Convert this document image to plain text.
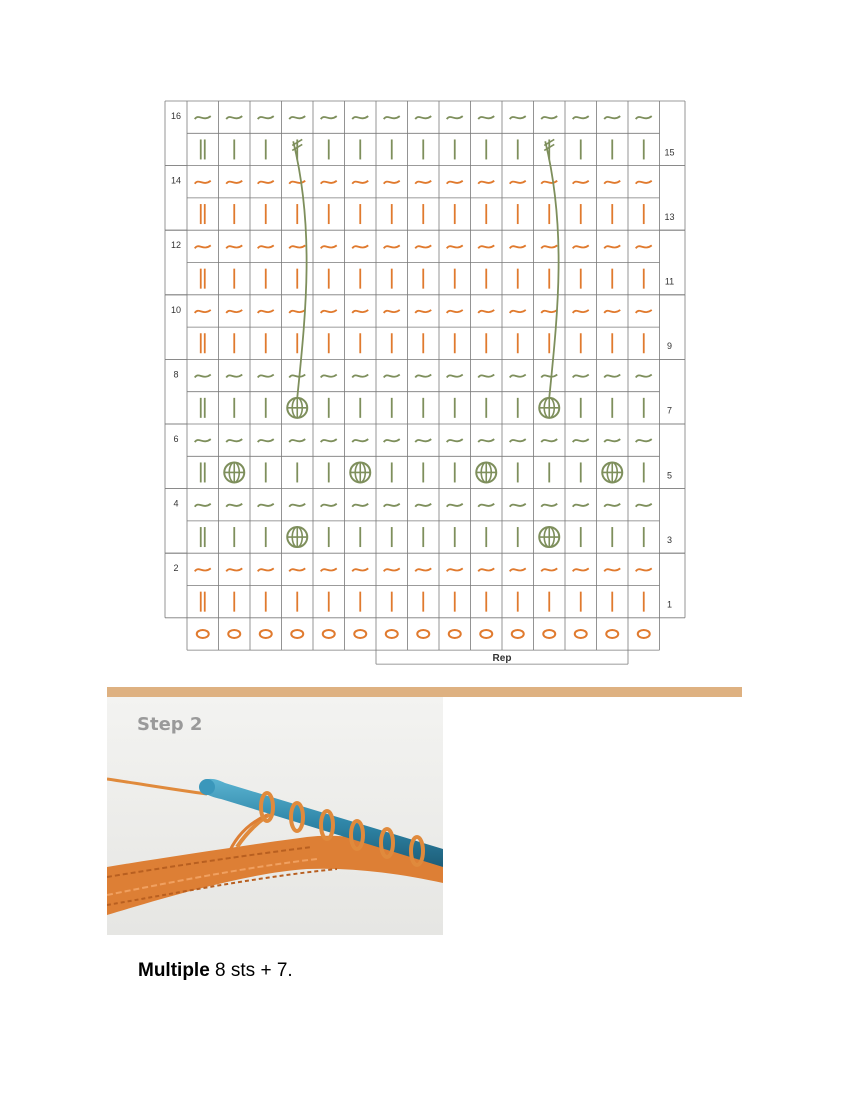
16
15
14
13
12
11
10
9
8
7
6
5
4
3
2
1
Rep
Step 2
Multiple 8 sts + 7.
